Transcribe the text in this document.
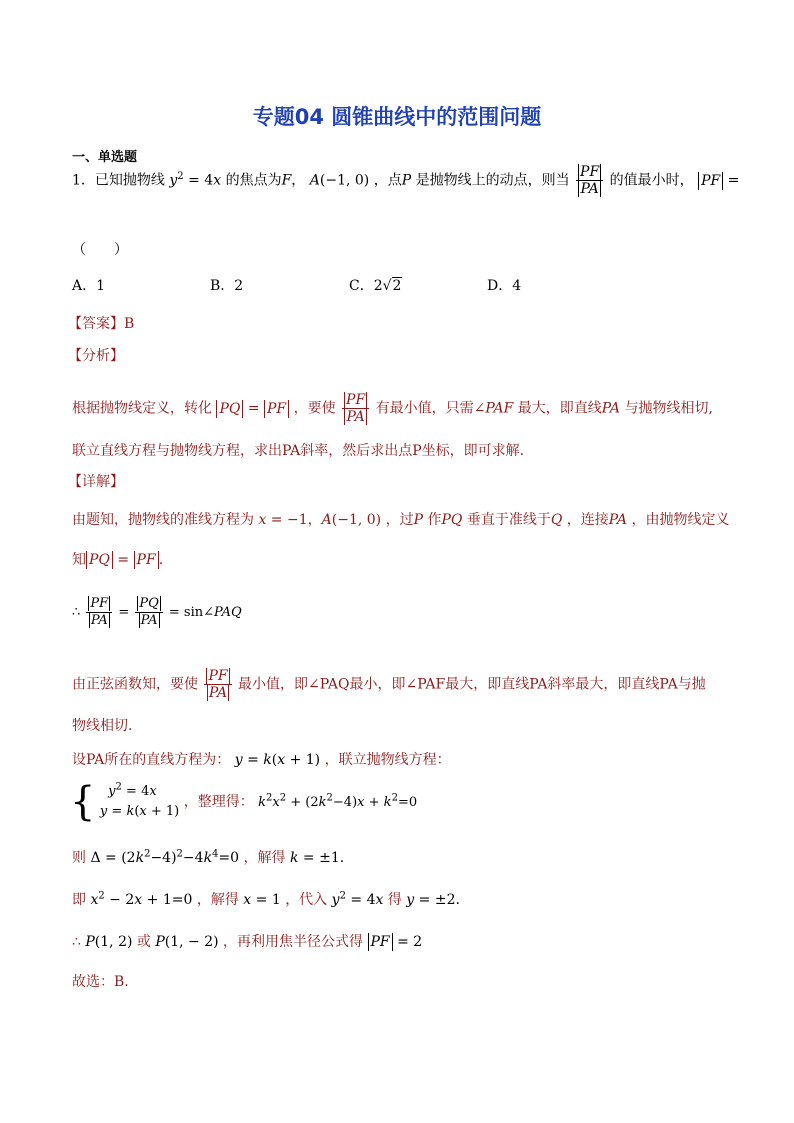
专题04 圆锥曲线中的范围问题
一、单选题
1．已知抛物线 $y^2 = 4x$ 的焦点为F， A(−1, 0) ，点P 是抛物线上的动点，则当 $\frac{PF}{PA}$ 的值最小时， PF =
（　　）
A．1	B．2	C．2√2	D．4
【答案】B
【分析】
根据抛物线定义，转化 PQ = PF ，要使 $\frac{PF}{PA}$ 有最小值，只需∠PAF 最大，即直线PA 与抛物线相切,
联立直线方程与抛物线方程，求出PA斜率，然后求出点P坐标，即可求解.
【详解】
由题知，抛物线的准线方程为 x = −1，A(−1, 0) ，过P 作PQ 垂直于准线于Q ，连接PA ，由抛物线定义
知 PQ = PF .
∴ $\frac{PF}{PA} = \frac{PQ}{PA}$ = sin∠PAQ
由正弦函数知，要使 $\frac{PF}{PA}$ 最小值，即∠PAQ最小，即∠PAF最大，即直线PA斜率最大，即直线PA与抛
物线相切.
设PA所在的直线方程为： y = k(x + 1) ，联立抛物线方程：
{ $y^2 = 4x$
y = k(x + 1)
，整理得： $k^2x^2 + (2k^2-4)x + k^2=0$
则 $\Delta = (2k^2-4)^2-4k^4=0$ ，解得 k = ±1.
即 $x^2 - 2x + 1=0$ ，解得 x = 1 ，代入 $y^2 = 4x$ 得 y = ±2.
∴ P(1, 2) 或 P(1, − 2) ，再利用焦半径公式得 PF = 2
故选：B.
